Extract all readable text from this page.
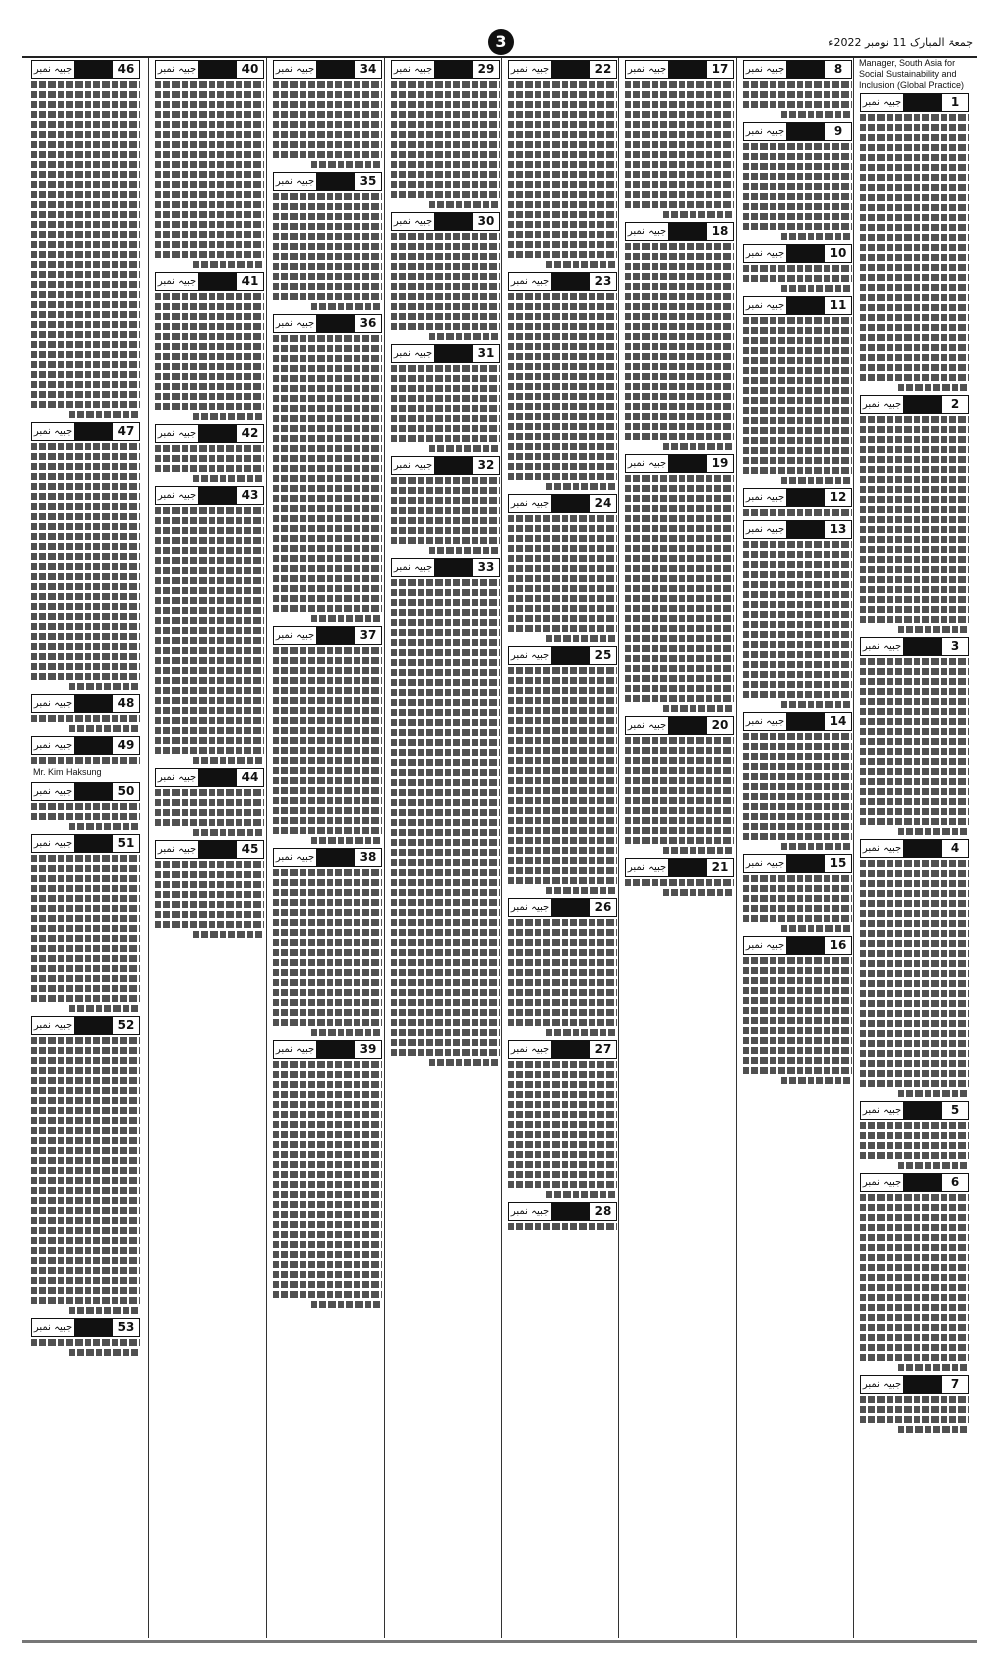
3	جمعۃ المبارک 11 نومبر 2022ء
Manager, South Asia for Social Sustainability and Inclusion (Global Practice)
جبیہ نمبر	1
جبیہ نمبر	2
جبیہ نمبر	3
جبیہ نمبر	4
جبیہ نمبر	5
جبیہ نمبر	6
جبیہ نمبر	7
جبیہ نمبر	8
جبیہ نمبر	9
جبیہ نمبر	10
جبیہ نمبر	11
جبیہ نمبر	12
جبیہ نمبر	13
جبیہ نمبر	14
جبیہ نمبر	15
جبیہ نمبر	16
جبیہ نمبر	17
جبیہ نمبر	18
جبیہ نمبر	19
جبیہ نمبر	20
جبیہ نمبر	21
جبیہ نمبر	22
جبیہ نمبر	23
جبیہ نمبر	24
جبیہ نمبر	25
جبیہ نمبر	26
جبیہ نمبر	27
جبیہ نمبر	28
جبیہ نمبر	29
جبیہ نمبر	30
جبیہ نمبر	31
جبیہ نمبر	32
جبیہ نمبر	33
جبیہ نمبر	34
جبیہ نمبر	35
جبیہ نمبر	36
جبیہ نمبر	37
جبیہ نمبر	38
جبیہ نمبر	39
جبیہ نمبر	40
جبیہ نمبر	41
جبیہ نمبر	42
جبیہ نمبر	43
جبیہ نمبر	44
جبیہ نمبر	45
جبیہ نمبر	46
جبیہ نمبر	47
جبیہ نمبر	48
جبیہ نمبر	49
Mr. Kim Haksung
جبیہ نمبر	50
جبیہ نمبر	51
جبیہ نمبر	52
جبیہ نمبر	53
